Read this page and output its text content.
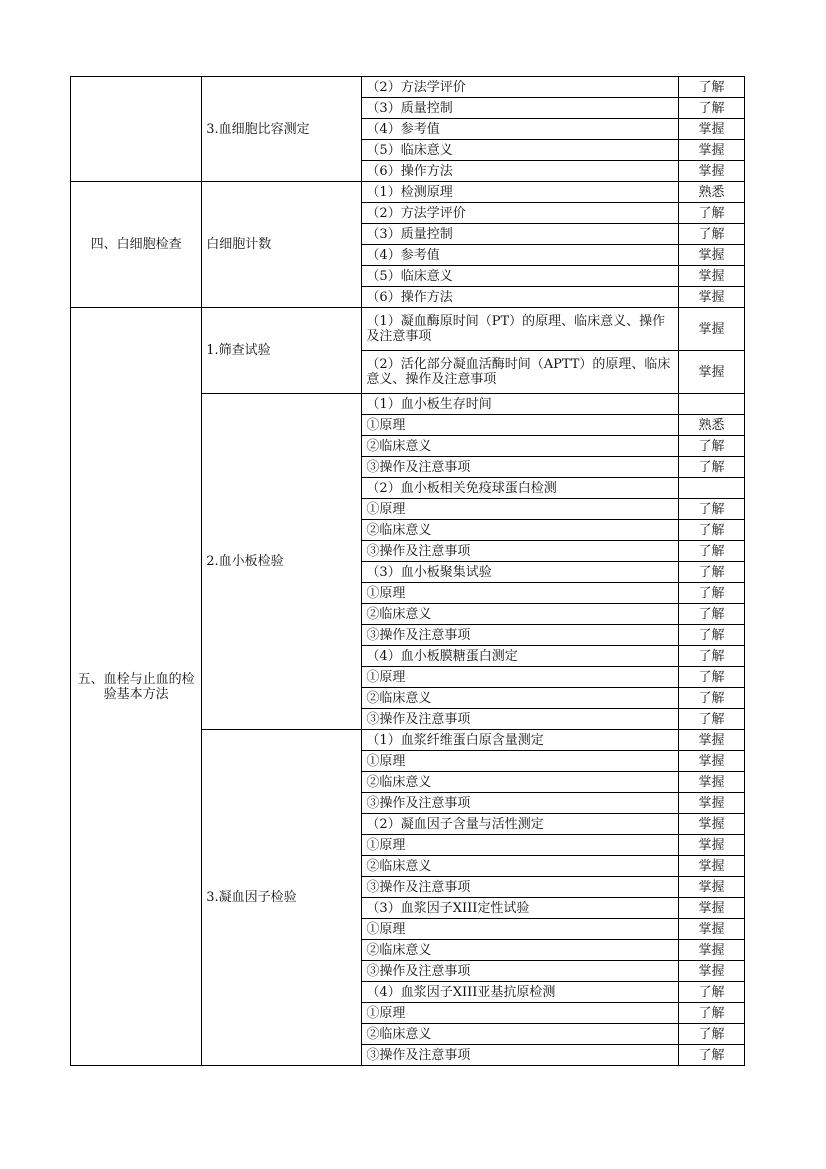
	3.血细胞比容测定	（2）方法学评价	了解
		（3）质量控制	了解
		（4）参考值	掌握
		（5）临床意义	掌握
		（6）操作方法	掌握
四、白细胞检查	白细胞计数	（1）检测原理	熟悉
		（2）方法学评价	了解
		（3）质量控制	了解
		（4）参考值	掌握
		（5）临床意义	掌握
		（6）操作方法	掌握
五、血栓与止血的检验基本方法	1.筛查试验	（1）凝血酶原时间（PT）的原理、临床意义、操作及注意事项	掌握
		（2）活化部分凝血活酶时间（APTT）的原理、临床意义、操作及注意事项	掌握
	2.血小板检验	（1）血小板生存时间	
		①原理	熟悉
		②临床意义	了解
		③操作及注意事项	了解
		（2）血小板相关免疫球蛋白检测	
		①原理	了解
		②临床意义	了解
		③操作及注意事项	了解
		（3）血小板聚集试验	了解
		①原理	了解
		②临床意义	了解
		③操作及注意事项	了解
		（4）血小板膜糖蛋白测定	了解
		①原理	了解
		②临床意义	了解
		③操作及注意事项	了解
	3.凝血因子检验	（1）血浆纤维蛋白原含量测定	掌握
		①原理	掌握
		②临床意义	掌握
		③操作及注意事项	掌握
		（2）凝血因子含量与活性测定	掌握
		①原理	掌握
		②临床意义	掌握
		③操作及注意事项	掌握
		（3）血浆因子XIII定性试验	掌握
		①原理	掌握
		②临床意义	掌握
		③操作及注意事项	掌握
		（4）血浆因子XIII亚基抗原检测	了解
		①原理	了解
		②临床意义	了解
		③操作及注意事项	了解
